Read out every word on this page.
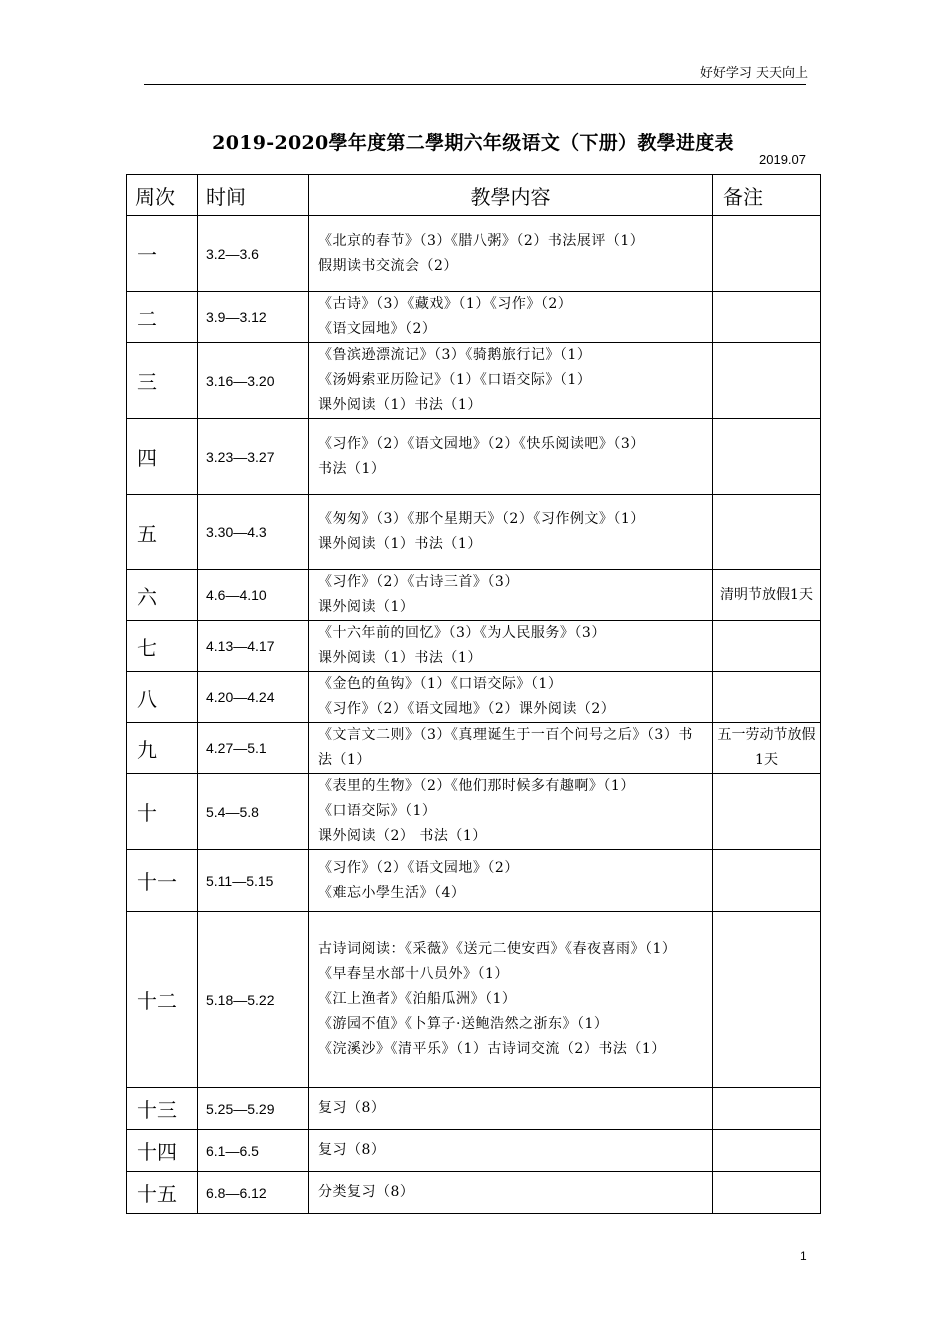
好好学习 天天向上
2019-2020學年度第二學期六年级语文（下册）教學进度表
2019.07
周次	时间	教學内容	备注
一	3.2—3.6	《北京的春节》（3）《腊八粥》（2）书法展评（1）
假期读书交流会（2）	
二	3.9—3.12	《古诗》（3）《藏戏》（1）《习作》（2）
《语文园地》（2）	
三	3.16—3.20	《鲁滨逊漂流记》（3）《骑鹅旅行记》（1）
《汤姆索亚历险记》（1）《口语交际》（1）
课外阅读（1）书法（1）	
四	3.23—3.27	《习作》（2）《语文园地》（2）《快乐阅读吧》（3）
书法（1）	
五	3.30—4.3	《匆匆》（3）《那个星期天》（2）《习作例文》（1）
课外阅读（1）书法（1）	
六	4.6—4.10	《习作》（2）《古诗三首》（3）
课外阅读（1）	清明节放假1天
七	4.13—4.17	《十六年前的回忆》（3）《为人民服务》（3）
课外阅读（1）书法（1）	
八	4.20—4.24	《金色的鱼钩》（1）《口语交际》（1）
《习作》（2）《语文园地》（2）课外阅读（2）	
九	4.27—5.1	《文言文二则》（3）《真理诞生于一百个问号之后》（3）书法（1）	五一劳动节放假1天
十	5.4—5.8	《表里的生物》（2）《他们那时候多有趣啊》（1）
《口语交际》（1）
课外阅读（2） 书法（1）	
十一	5.11—5.15	《习作》（2）《语文园地》（2）
《难忘小學生活》（4）	
十二	5.18—5.22	古诗词阅读：《采薇》《送元二使安西》《春夜喜雨》（1）
《早春呈水部十八员外》（1）
《江上渔者》《泊船瓜洲》（1）
《游园不值》《卜算子·送鲍浩然之浙东》（1）
《浣溪沙》《清平乐》（1）古诗词交流（2）书法（1）	
十三	5.25—5.29	复习（8）	
十四	6.1—6.5	复习（8）	
十五	6.8—6.12	分类复习（8）	
1
